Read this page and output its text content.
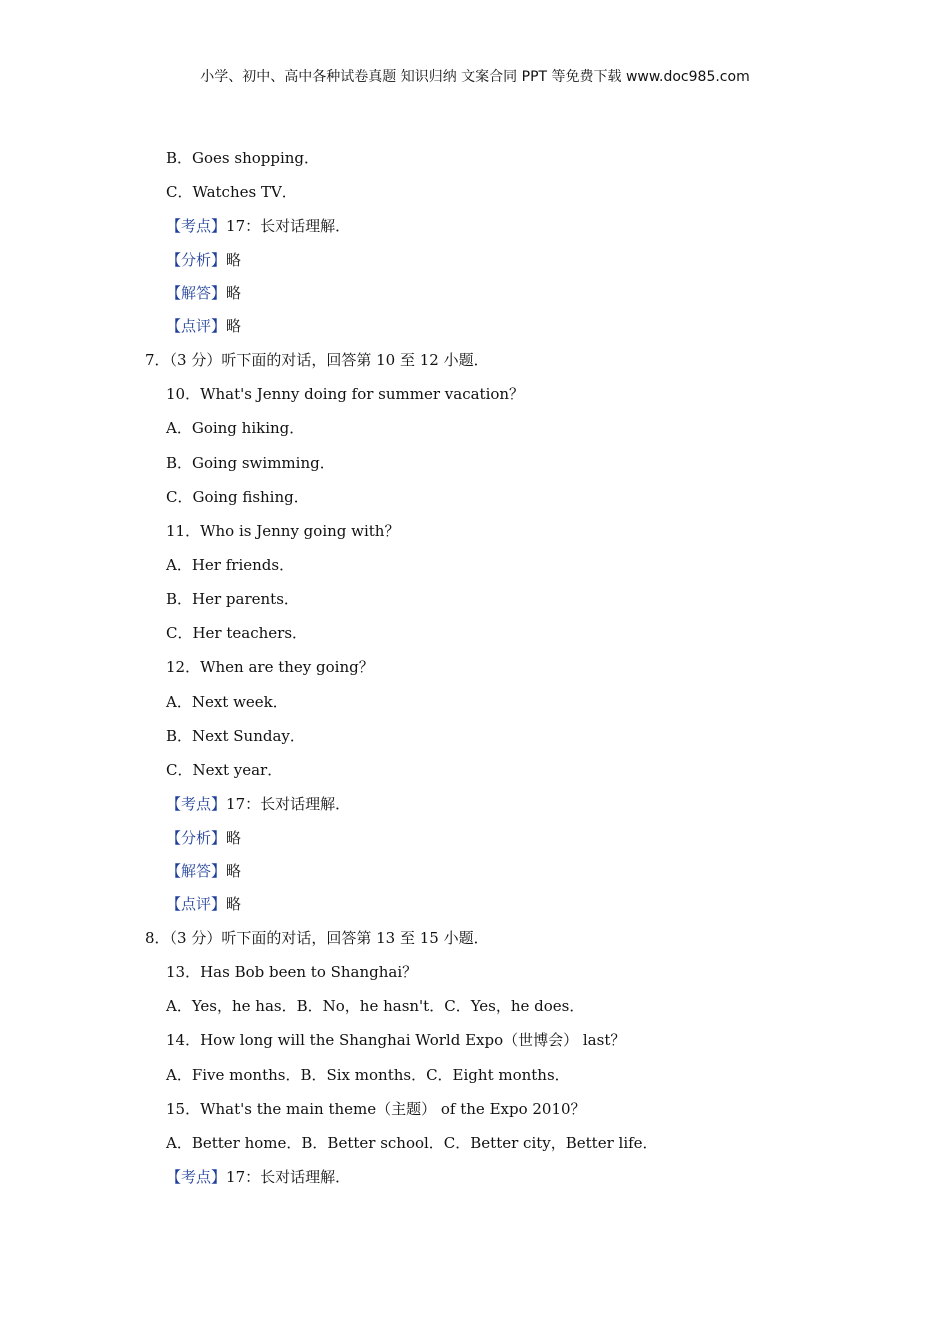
小学、初中、高中各种试卷真题 知识归纳 文案合同 PPT 等免费下载 www.doc985.com
B．Goes shopping．
C．Watches TV．
【考点】17：长对话理解．
【分析】略
【解答】略
【点评】略
7．（3 分）听下面的对话，回答第 10 至 12 小题．
10．What's Jenny doing for summer vacation？
A．Going hiking．
B．Going swimming．
C．Going fishing．
11．Who is Jenny going with？
A．Her friends．
B．Her parents．
C．Her teachers．
12．When are they going？
A．Next week．
B．Next Sunday．
C．Next year．
【考点】17：长对话理解．
【分析】略
【解答】略
【点评】略
8．（3 分）听下面的对话，回答第 13 至 15 小题．
13．Has Bob been to Shanghai？
A．Yes，he has．B．No，he hasn't．C．Yes，he does．
14．How long will the Shanghai World Expo（世博会） last？
A．Five months．B．Six months．C．Eight months．
15．What's the main theme（主题） of the Expo 2010？
A．Better home．B．Better school．C．Better city，Better life．
【考点】17：长对话理解．
